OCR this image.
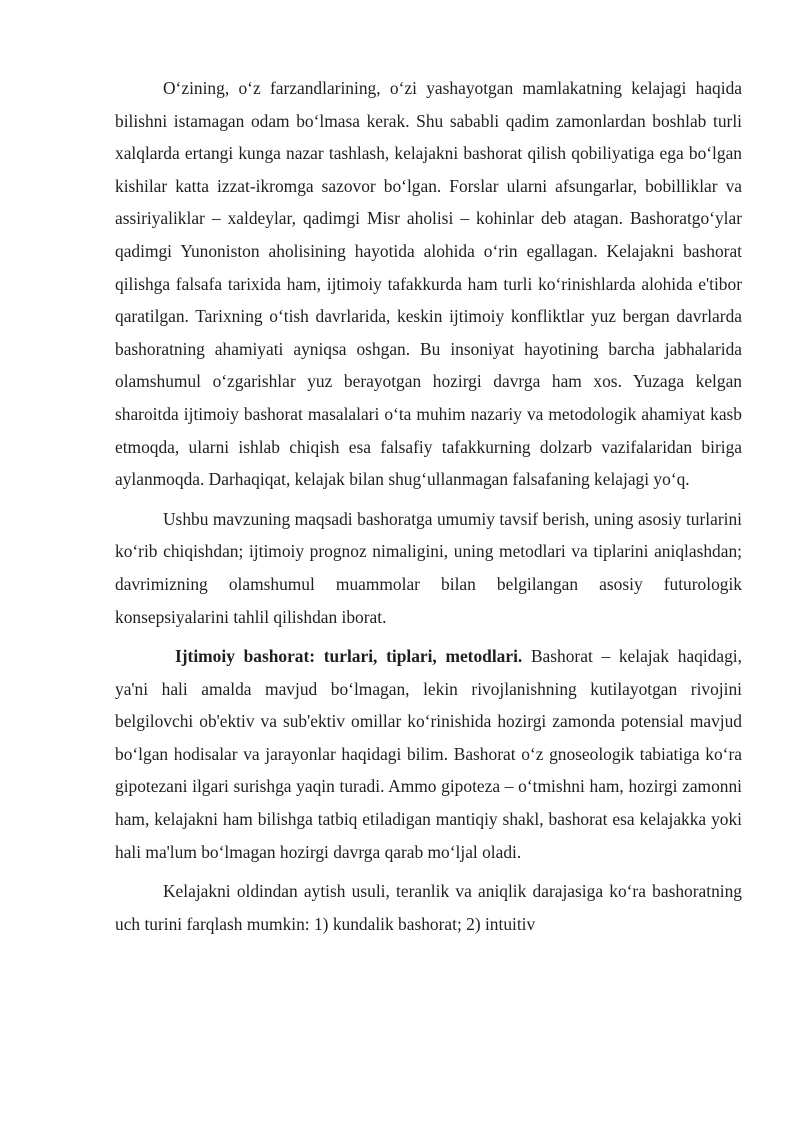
O‘zining, o‘z farzandlarining, o‘zi yashayotgan mamlakatning kelajagi haqida bilishni istamagan odam bo‘lmasa kerak. Shu sababli qadim zamonlardan boshlab turli xalqlarda ertangi kunga nazar tashlash, kelajakni bashorat qilish qobiliyatiga ega bo‘lgan kishilar katta izzat-ikromga sazovor bo‘lgan. Forslar ularni afsungarlar, bobilliklar va assiriyaliklar – xaldeylar, qadimgi Misr aholisi – kohinlar deb atagan. Bashoratgo‘ylar qadimgi Yunoniston aholisining hayotida alohida o‘rin egallagan. Kelajakni bashorat qilishga falsafa tarixida ham, ijtimoiy tafakkurda ham turli ko‘rinishlarda alohida e'tibor qaratilgan. Tarixning o‘tish davrlarida, keskin ijtimoiy konfliktlar yuz bergan davrlarda bashoratning ahamiyati ayniqsa oshgan. Bu insoniyat hayotining barcha jabhalarida olamshumul o‘zgarishlar yuz berayotgan hozirgi davrga ham xos. Yuzaga kelgan sharoitda ijtimoiy bashorat masalalari o‘ta muhim nazariy va metodologik ahamiyat kasb etmoqda, ularni ishlab chiqish esa falsafiy tafakkurning dolzarb vazifalaridan biriga aylanmoqda. Darhaqiqat, kelajak bilan shug‘ullanmagan falsafaning kelajagi yo‘q.

Ushbu mavzuning maqsadi bashoratga umumiy tavsif berish, uning asosiy turlarini ko‘rib chiqishdan; ijtimoiy prognoz nimaligini, uning metodlari va tiplarini aniqlashdan; davrimizning olamshumul muammolar bilan belgilangan asosiy futurologik konsepsiyalarini tahlil qilishdan iborat.

Ijtimoiy bashorat: turlari, tiplari, metodlari. Bashorat – kelajak haqidagi, ya'ni hali amalda mavjud bo‘lmagan, lekin rivojlanishning kutilayotgan rivojini belgilovchi ob'ektiv va sub'ektiv omillar ko‘rinishida hozirgi zamonda potensial mavjud bo‘lgan hodisalar va jarayonlar haqidagi bilim. Bashorat o‘z gnoseologik tabiatiga ko‘ra gipotezani ilgari surishga yaqin turadi. Ammo gipoteza – o‘tmishni ham, hozirgi zamonni ham, kelajakni ham bilishga tatbiq etiladigan mantiqiy shakl, bashorat esa kelajakka yoki hali ma'lum bo‘lmagan hozirgi davrga qarab mo‘ljal oladi.

Kelajakni oldindan aytish usuli, teranlik va aniqlik darajasiga ko‘ra bashoratning uch turini farqlash mumkin: 1) kundalik bashorat; 2) intuitiv
